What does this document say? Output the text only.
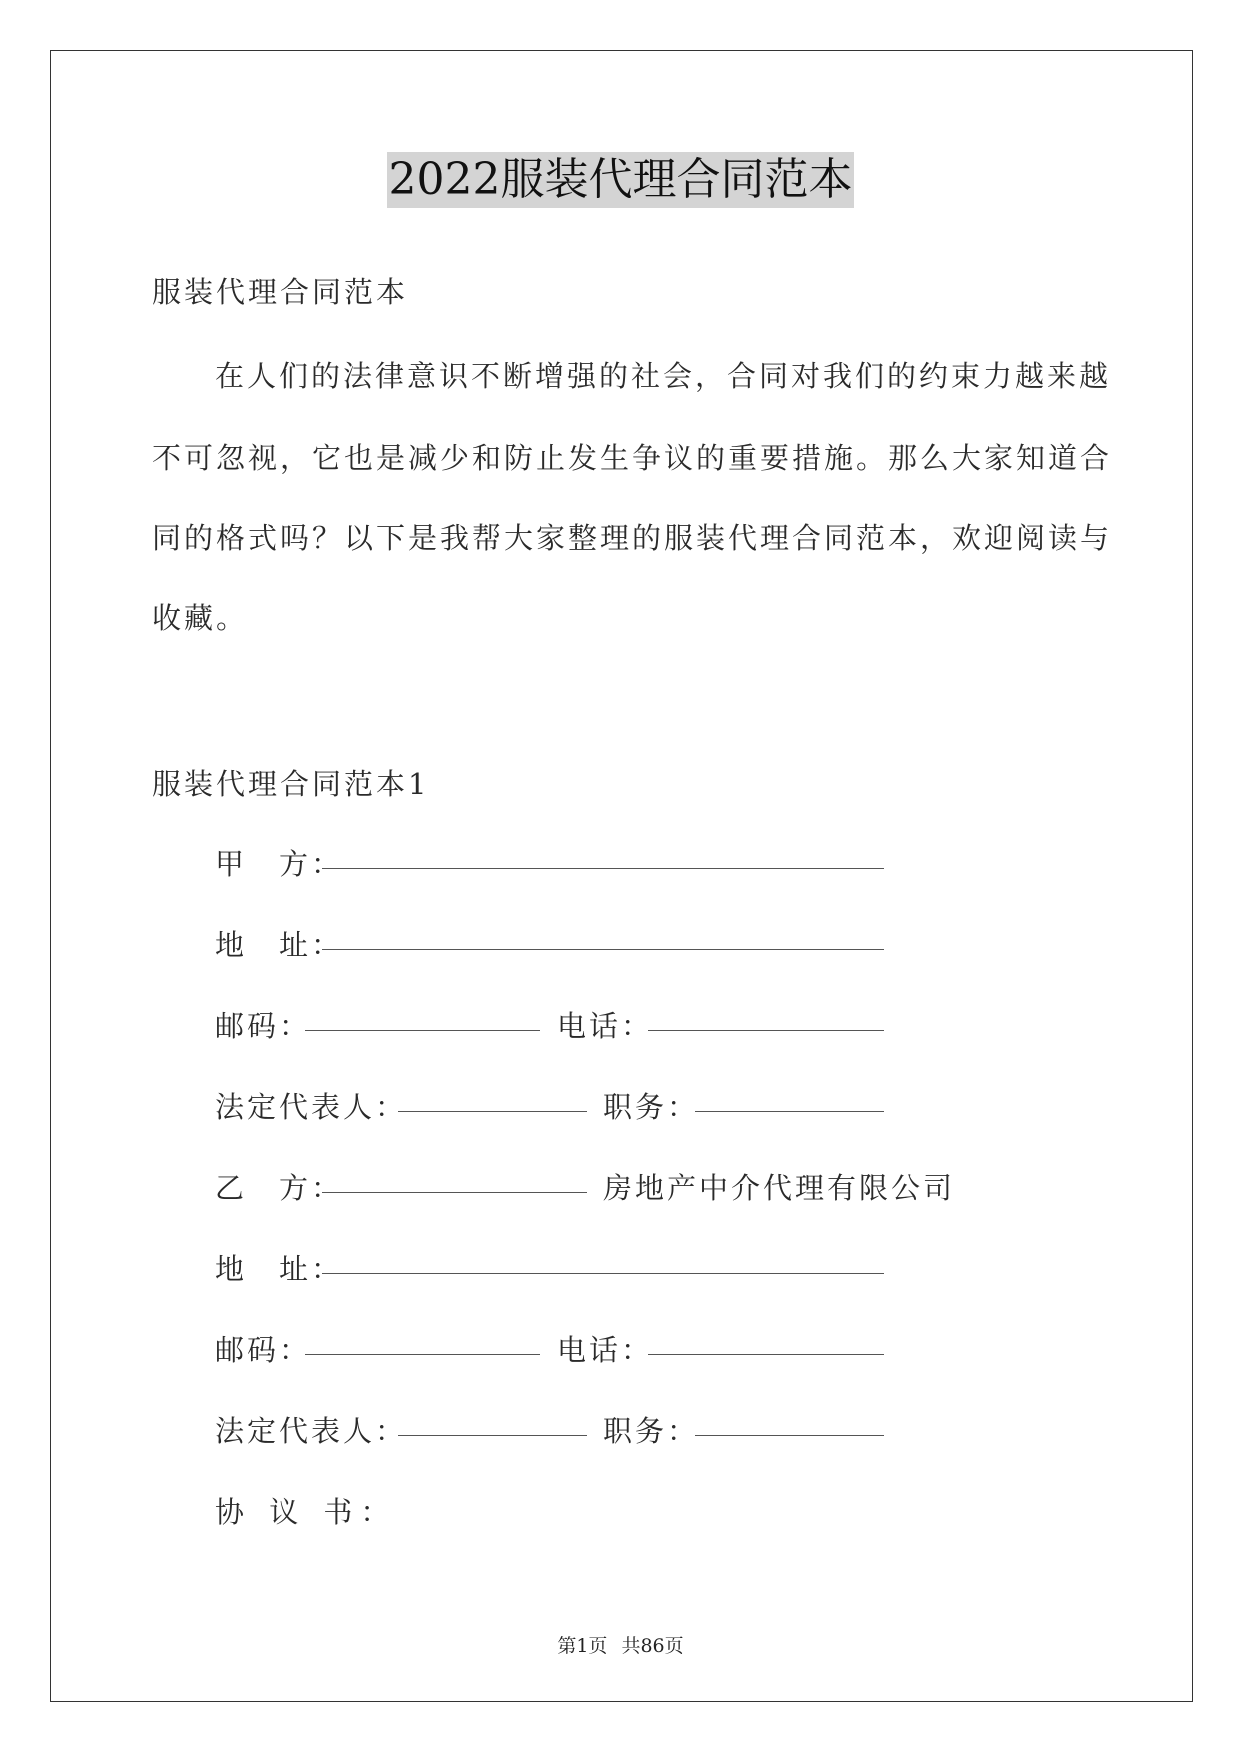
2022服装代理合同范本
服装代理合同范本
在人们的法律意识不断增强的社会，合同对我们的约束力越来越
不可忽视，它也是减少和防止发生争议的重要措施。那么大家知道合
同的格式吗？以下是我帮大家整理的服装代理合同范本，欢迎阅读与
收藏。
服装代理合同范本1
甲　方：
地　址：
邮码：	电话：
法定代表人：	职务：
乙　方：	房地产中介代理有限公司
地　址：
邮码：	电话：
法定代表人：	职务：
协 议 书：
第1页 共86页
